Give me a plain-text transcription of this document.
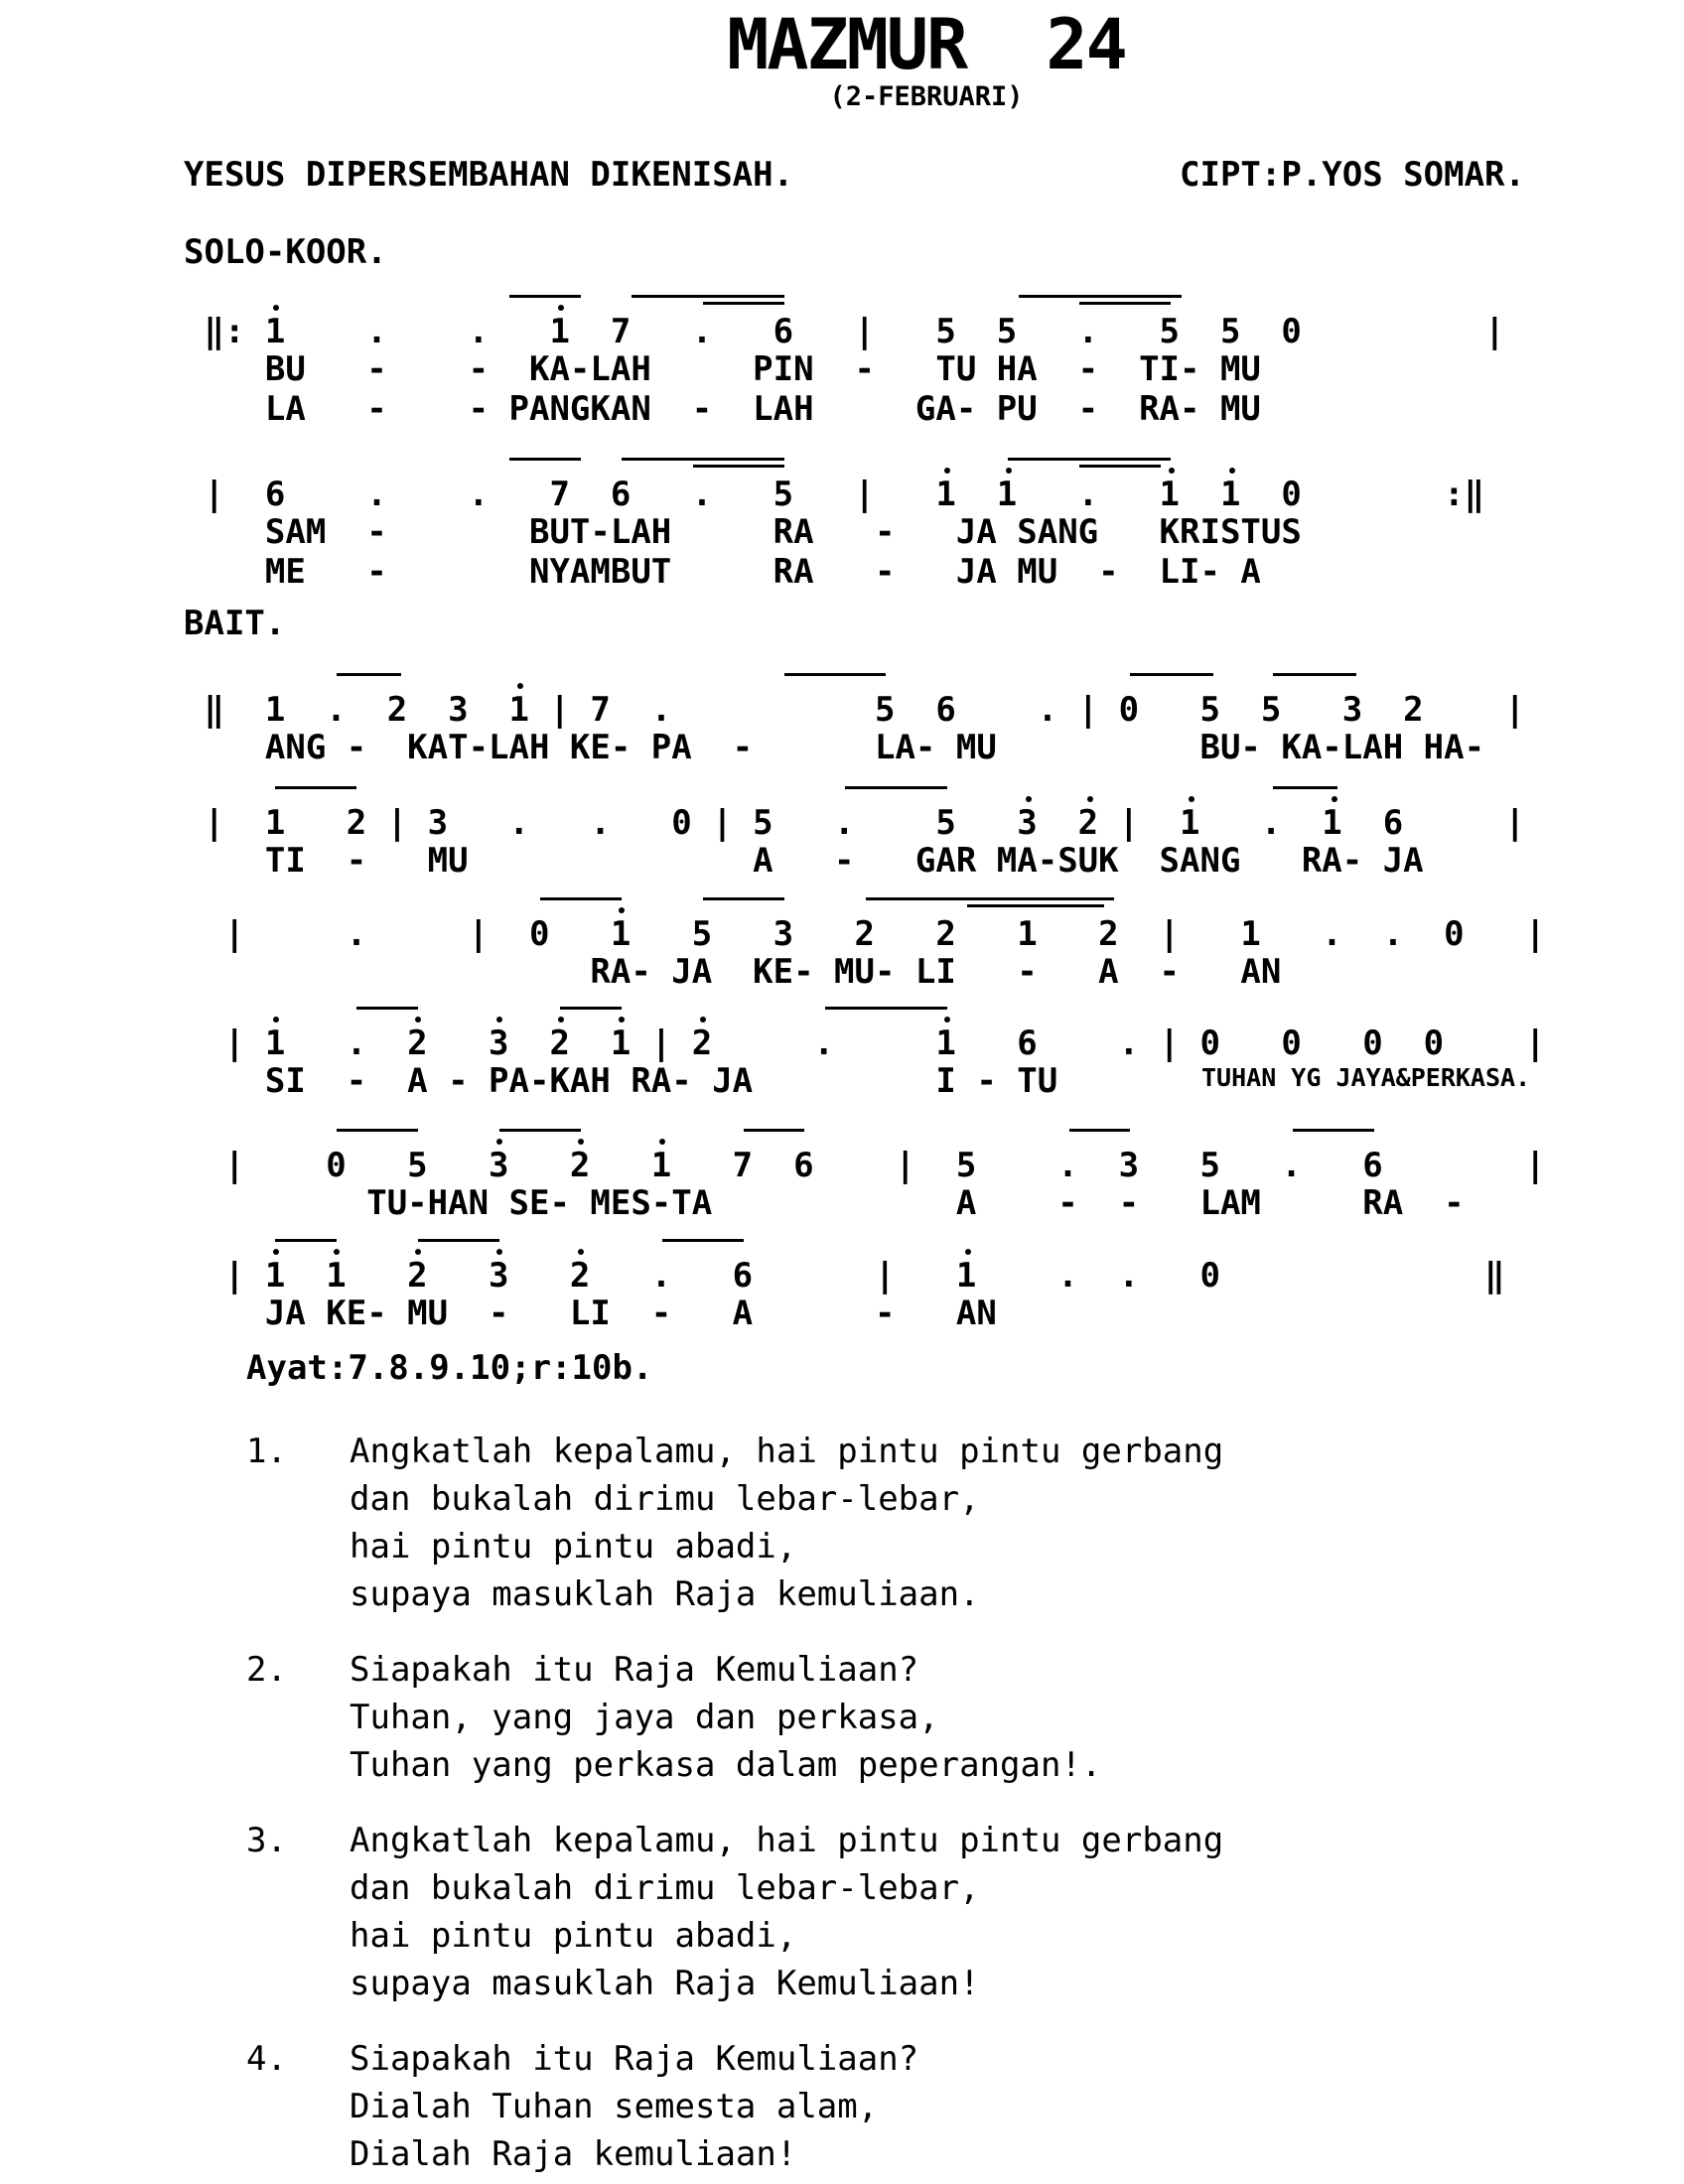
MAZMUR  24
(2-FEBRUARI)
YESUS DIPERSEMBAHAN DIKENISAH.	CIPT:P.YOS SOMAR.
SOLO-KOOR.
BAIT.
Ayat:7.8.9.10;r:10b.
‖: 1    .    .   1  7   .   6   |   5  5   .   5  5  0         |
BU   -    -  KA-LAH     PIN  -   TU HA  -  TI- MU
LA   -    - PANGKAN  -  LAH     GA- PU  -  RA- MU
|  6    .    .   7  6   .   5   |   1  1   .   1  1  0       :‖
SAM  -       BUT-LAH     RA   -   JA SANG   KRISTUS
ME   -       NYAMBUT     RA   -   JA MU  -  LI- A
‖  1  .  2  3  1 | 7  .          5  6    . | 0   5  5   3  2    |
ANG -  KAT-LAH KE- PA  -      LA- MU          BU- KA-LAH HA-
|  1   2 | 3   .   .   0 | 5   .    5   3  2 |  1   .  1  6     |
TI  -   MU              A   -   GAR MA-SUK  SANG   RA- JA
|     .     |  0   1   5   3   2   2   1   2  |   1   .  .  0   |
RA- JA  KE- MU- LI   -   A  -   AN
| 1   .  2   3  2  1 | 2     .     1   6    . | 0   0   0  0    |
SI  -  A - PA-KAH RA- JA         I - TU	TUHAN YG JAYA&PERKASA.
|    0   5   3   2   1   7  6    |  5    .  3   5   .   6       |
TU-HAN SE- MES-TA            A    -  -   LAM     RA  -
| 1  1   2   3   2   .   6      |   1    .  .   0             ‖
JA KE- MU  -   LI  -   A      -   AN
1.	Angkatlah kepalamu, hai pintu pintu gerbang
dan bukalah dirimu lebar-lebar,
hai pintu pintu abadi,
supaya masuklah Raja kemuliaan.
2.	Siapakah itu Raja Kemuliaan?
Tuhan, yang jaya dan perkasa,
Tuhan yang perkasa dalam peperangan!.
3.	Angkatlah kepalamu, hai pintu pintu gerbang
dan bukalah dirimu lebar-lebar,
hai pintu pintu abadi,
supaya masuklah Raja Kemuliaan!
4.	Siapakah itu Raja Kemuliaan?
Dialah Tuhan semesta alam,
Dialah Raja kemuliaan!
